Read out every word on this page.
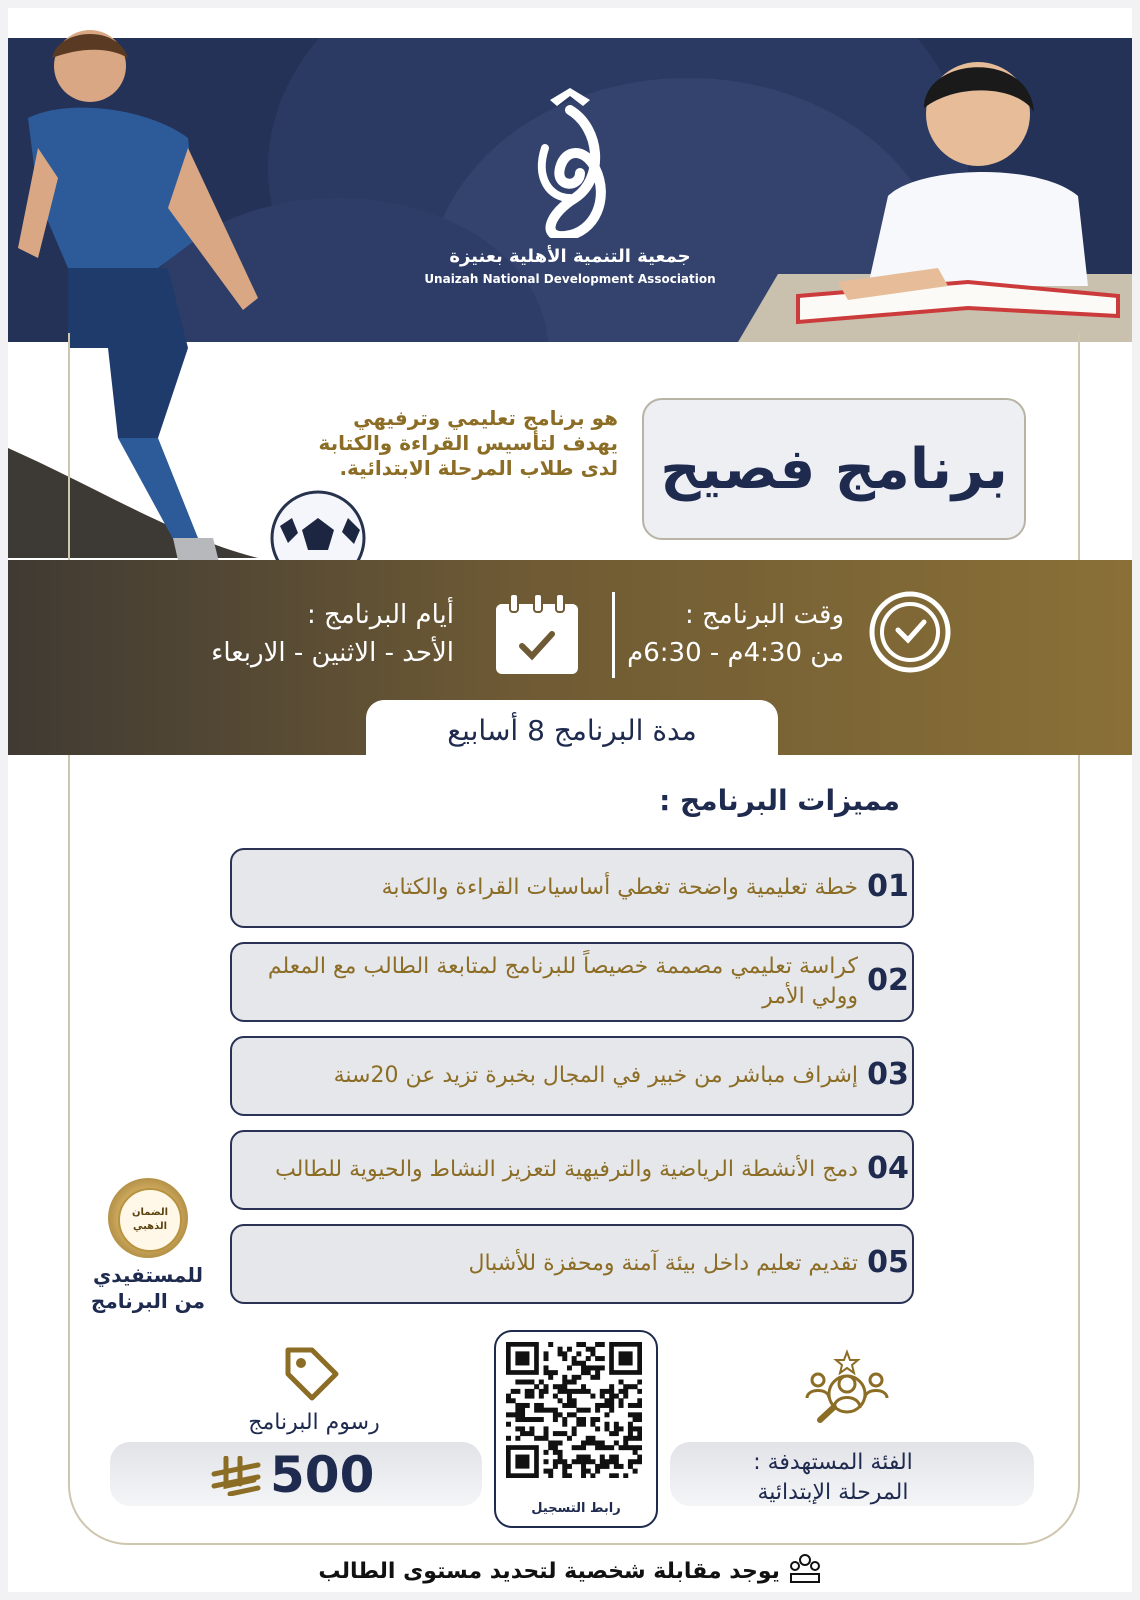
جمعية التنمية الأهلية بعنيزة
Unaizah National Development Association
برنامج فصيح
هو برنامج تعليمي وترفيهي
يهدف لتأسيس القراءة والكتابة
لدى طلاب المرحلة الابتدائية.
وقت البرنامج :
من 4:30م - 6:30م
أيام البرنامج :
الأحد - الاثنين - الاربعاء
مدة البرنامج 8 أسابيع
مميزات البرنامج :
01
خطة تعليمية واضحة تغطي أساسيات القراءة والكتابة
02
كراسة تعليمي مصممة خصيصاً للبرنامج لمتابعة الطالب مع المعلم وولي الأمر
03
إشراف مباشر من خبير في المجال بخبرة تزيد عن 20سنة
04
دمج الأنشطة الرياضية والترفيهية لتعزيز النشاط والحيوية للطالب
05
تقديم تعليم داخل بيئة آمنة ومحفزة للأشبال
الضمان الذهبي
للمستفيدي
من البرنامج
رسوم البرنامج
500
رابط التسجيل
الفئة المستهدفة :
المرحلة الإبتدائية
يوجد مقابلة شخصية لتحديد مستوى الطالب
